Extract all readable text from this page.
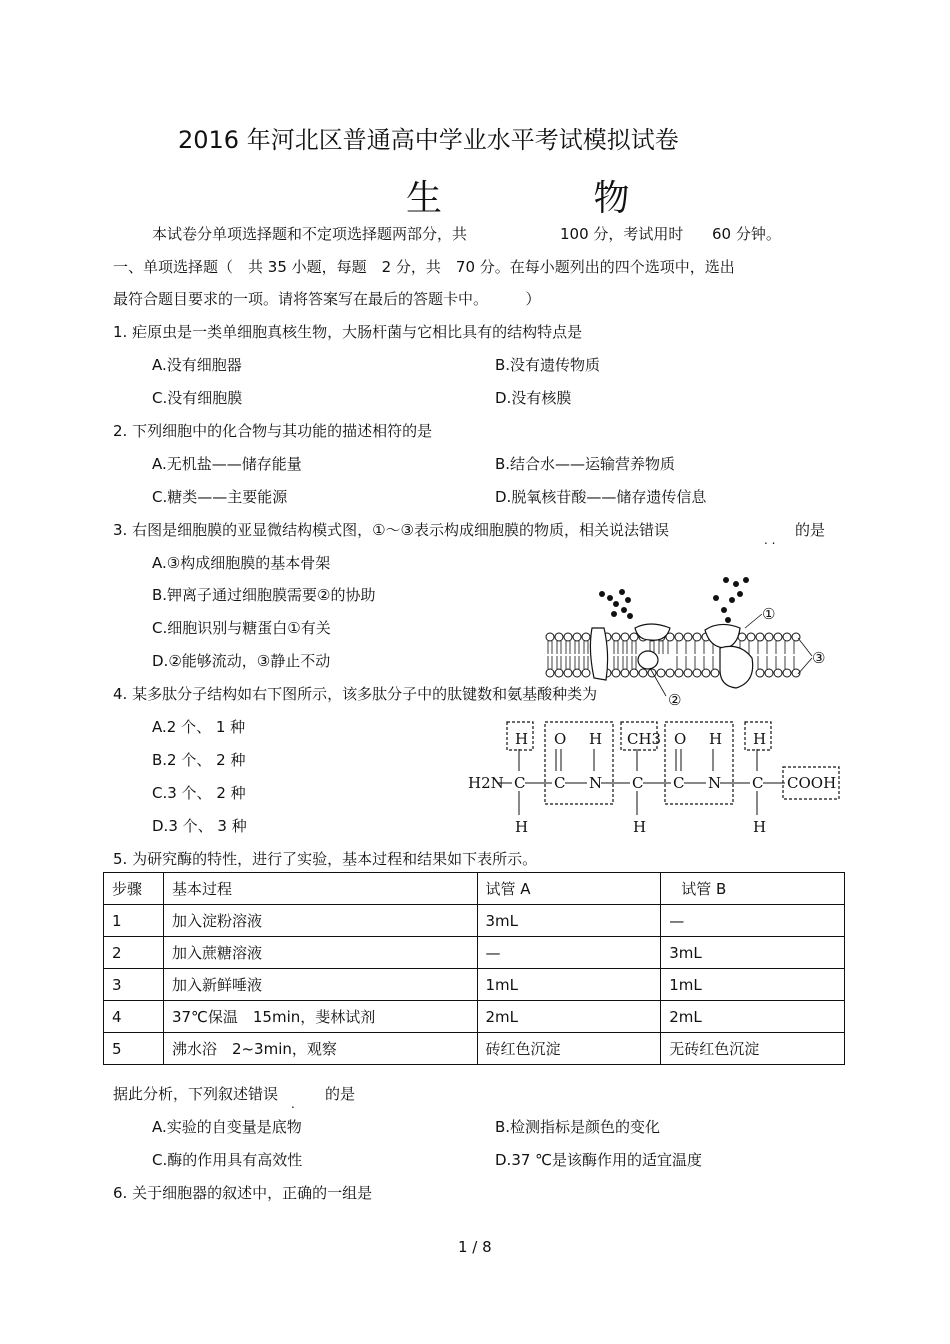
2016 年河北区普通高中学业水平考试模拟试卷
生 物
本试卷分单项选择题和不定项选择题两部分，共	100 分，考试用时 60 分钟。
一、单项选择题（　共 35 小题，每题　2 分，共　70 分。在每小题列出的四个选项中，选出
最符合题目要求的一项。请将答案写在最后的答题卡中。　　　）
1. 疟原虫是一类单细胞真核生物，大肠杆菌与它相比具有的结构特点是
A.没有细胞器	B.没有遗传物质
C.没有细胞膜	D.没有核膜
2. 下列细胞中的化合物与其功能的描述相符的是
A.无机盐——储存能量	B.结合水——运输营养物质
C.糖类——主要能源	D.脱氧核苷酸——储存遗传信息
3. 右图是细胞膜的亚显微结构模式图，①～③表示构成细胞膜的物质，相关说法错误
. .
的是
A.③构成细胞膜的基本骨架
B.钾离子通过细胞膜需要②的协助
C.细胞识别与糖蛋白①有关
D.②能够流动，③静止不动
①
②
③
4. 某多肽分子结构如右下图所示，该多肽分子中的肽键数和氨基酸种类为
A.2 个、 1 种
B.2 个、 2 种
C.3 个、 2 种
D.3 个、 3 种
H2N C C N C C N C COOH
H O H CH3 O H H
H	H	H
5. 为研究酶的特性，进行了实验，基本过程和结果如下表所示。
步骤	基本过程	试管 A	试管 B
1	加入淀粉溶液	3mL	—
2	加入蔗糖溶液	—	3mL
3	加入新鲜唾液	1mL	1mL
4	37℃保温　15min，斐林试剂	2mL	2mL
5	沸水浴　2~3min，观察	砖红色沉淀	无砖红色沉淀
据此分析，下列叙述错误
.
的是
A.实验的自变量是底物	B.检测指标是颜色的变化
C.酶的作用具有高效性	D.37 ℃是该酶作用的适宜温度
6. 关于细胞器的叙述中，正确的一组是
1 / 8
